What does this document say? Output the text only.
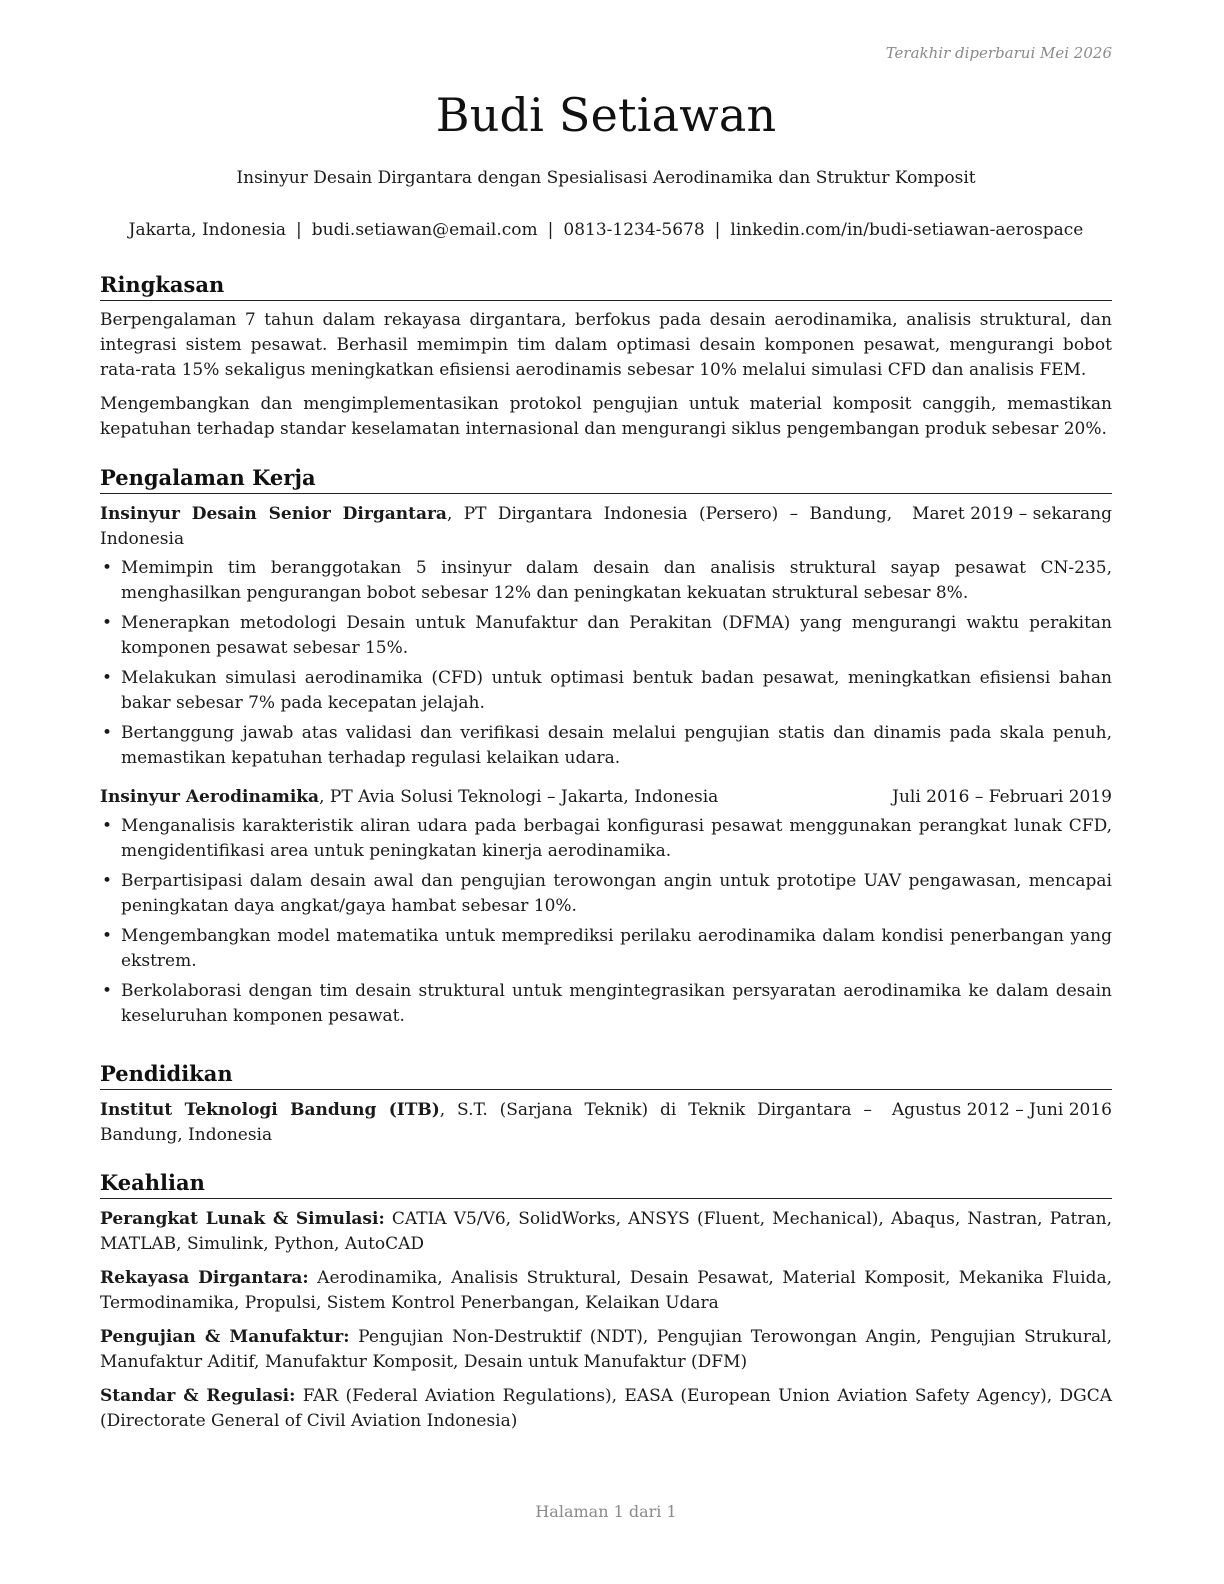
Terakhir diperbarui Mei 2026
Budi Setiawan
Insinyur Desain Dirgantara dengan Spesialisasi Aerodinamika dan Struktur Komposit
Jakarta, Indonesia | budi.setiawan@email.com | 0813-1234-5678 | linkedin.com/in/budi-setiawan-aerospace
Ringkasan

Berpengalaman 7 tahun dalam rekayasa dirgantara, berfokus pada desain aerodinamika, analisis struktural, dan integrasi sistem pesawat. Berhasil memimpin tim dalam optimasi desain komponen pesawat, mengurangi bobot rata-rata 15% sekaligus meningkatkan efisiensi aerodinamis sebesar 10% melalui simulasi CFD dan analisis FEM.

Mengembangkan dan mengimplementasikan protokol pengujian untuk material komposit canggih, memastikan kepatuhan terhadap standar keselamatan internasional dan mengurangi siklus pengembangan produk sebesar 20%.

Pengalaman Kerja
Insinyur Desain Senior Dirgantara, PT Dirgantara Indonesia (Persero) – Bandung, Indonesia
Maret 2019 – sekarang
• Memimpin tim beranggotakan 5 insinyur dalam desain dan analisis struktural sayap pesawat CN-235, menghasilkan pengurangan bobot sebesar 12% dan peningkatan kekuatan struktural sebesar 8%.
• Menerapkan metodologi Desain untuk Manufaktur dan Perakitan (DFMA) yang mengurangi waktu perakitan komponen pesawat sebesar 15%.
• Melakukan simulasi aerodinamika (CFD) untuk optimasi bentuk badan pesawat, meningkatkan efisiensi bahan bakar sebesar 7% pada kecepatan jelajah.
• Bertanggung jawab atas validasi dan verifikasi desain melalui pengujian statis dan dinamis pada skala penuh, memastikan kepatuhan terhadap regulasi kelaikan udara.
Insinyur Aerodinamika, PT Avia Solusi Teknologi – Jakarta, Indonesia	Juli 2016 – Februari 2019
• Menganalisis karakteristik aliran udara pada berbagai konfigurasi pesawat menggunakan perangkat lunak CFD, mengidentifikasi area untuk peningkatan kinerja aerodinamika.
• Berpartisipasi dalam desain awal dan pengujian terowongan angin untuk prototipe UAV pengawasan, mencapai peningkatan daya angkat/gaya hambat sebesar 10%.
• Mengembangkan model matematika untuk memprediksi perilaku aerodinamika dalam kondisi penerbangan yang ekstrem.
• Berkolaborasi dengan tim desain struktural untuk mengintegrasikan persyaratan aerodinamika ke dalam desain keseluruhan komponen pesawat.
Pendidikan
Institut Teknologi Bandung (ITB), S.T. (Sarjana Teknik) di Teknik Dirgantara – Bandung, Indonesia
Agustus 2012 – Juni 2016
Keahlian
Perangkat Lunak & Simulasi: CATIA V5/V6, SolidWorks, ANSYS (Fluent, Mechanical), Abaqus, Nastran, Patran, MATLAB, Simulink, Python, AutoCAD
Rekayasa Dirgantara: Aerodinamika, Analisis Struktural, Desain Pesawat, Material Komposit, Mekanika Fluida, Termodinamika, Propulsi, Sistem Kontrol Penerbangan, Kelaikan Udara
Pengujian & Manufaktur: Pengujian Non-Destruktif (NDT), Pengujian Terowongan Angin, Pengujian Strukural, Manufaktur Aditif, Manufaktur Komposit, Desain untuk Manufaktur (DFM)
Standar & Regulasi: FAR (Federal Aviation Regulations), EASA (European Union Aviation Safety Agency), DGCA (Directorate General of Civil Aviation Indonesia)
Halaman 1 dari 1
